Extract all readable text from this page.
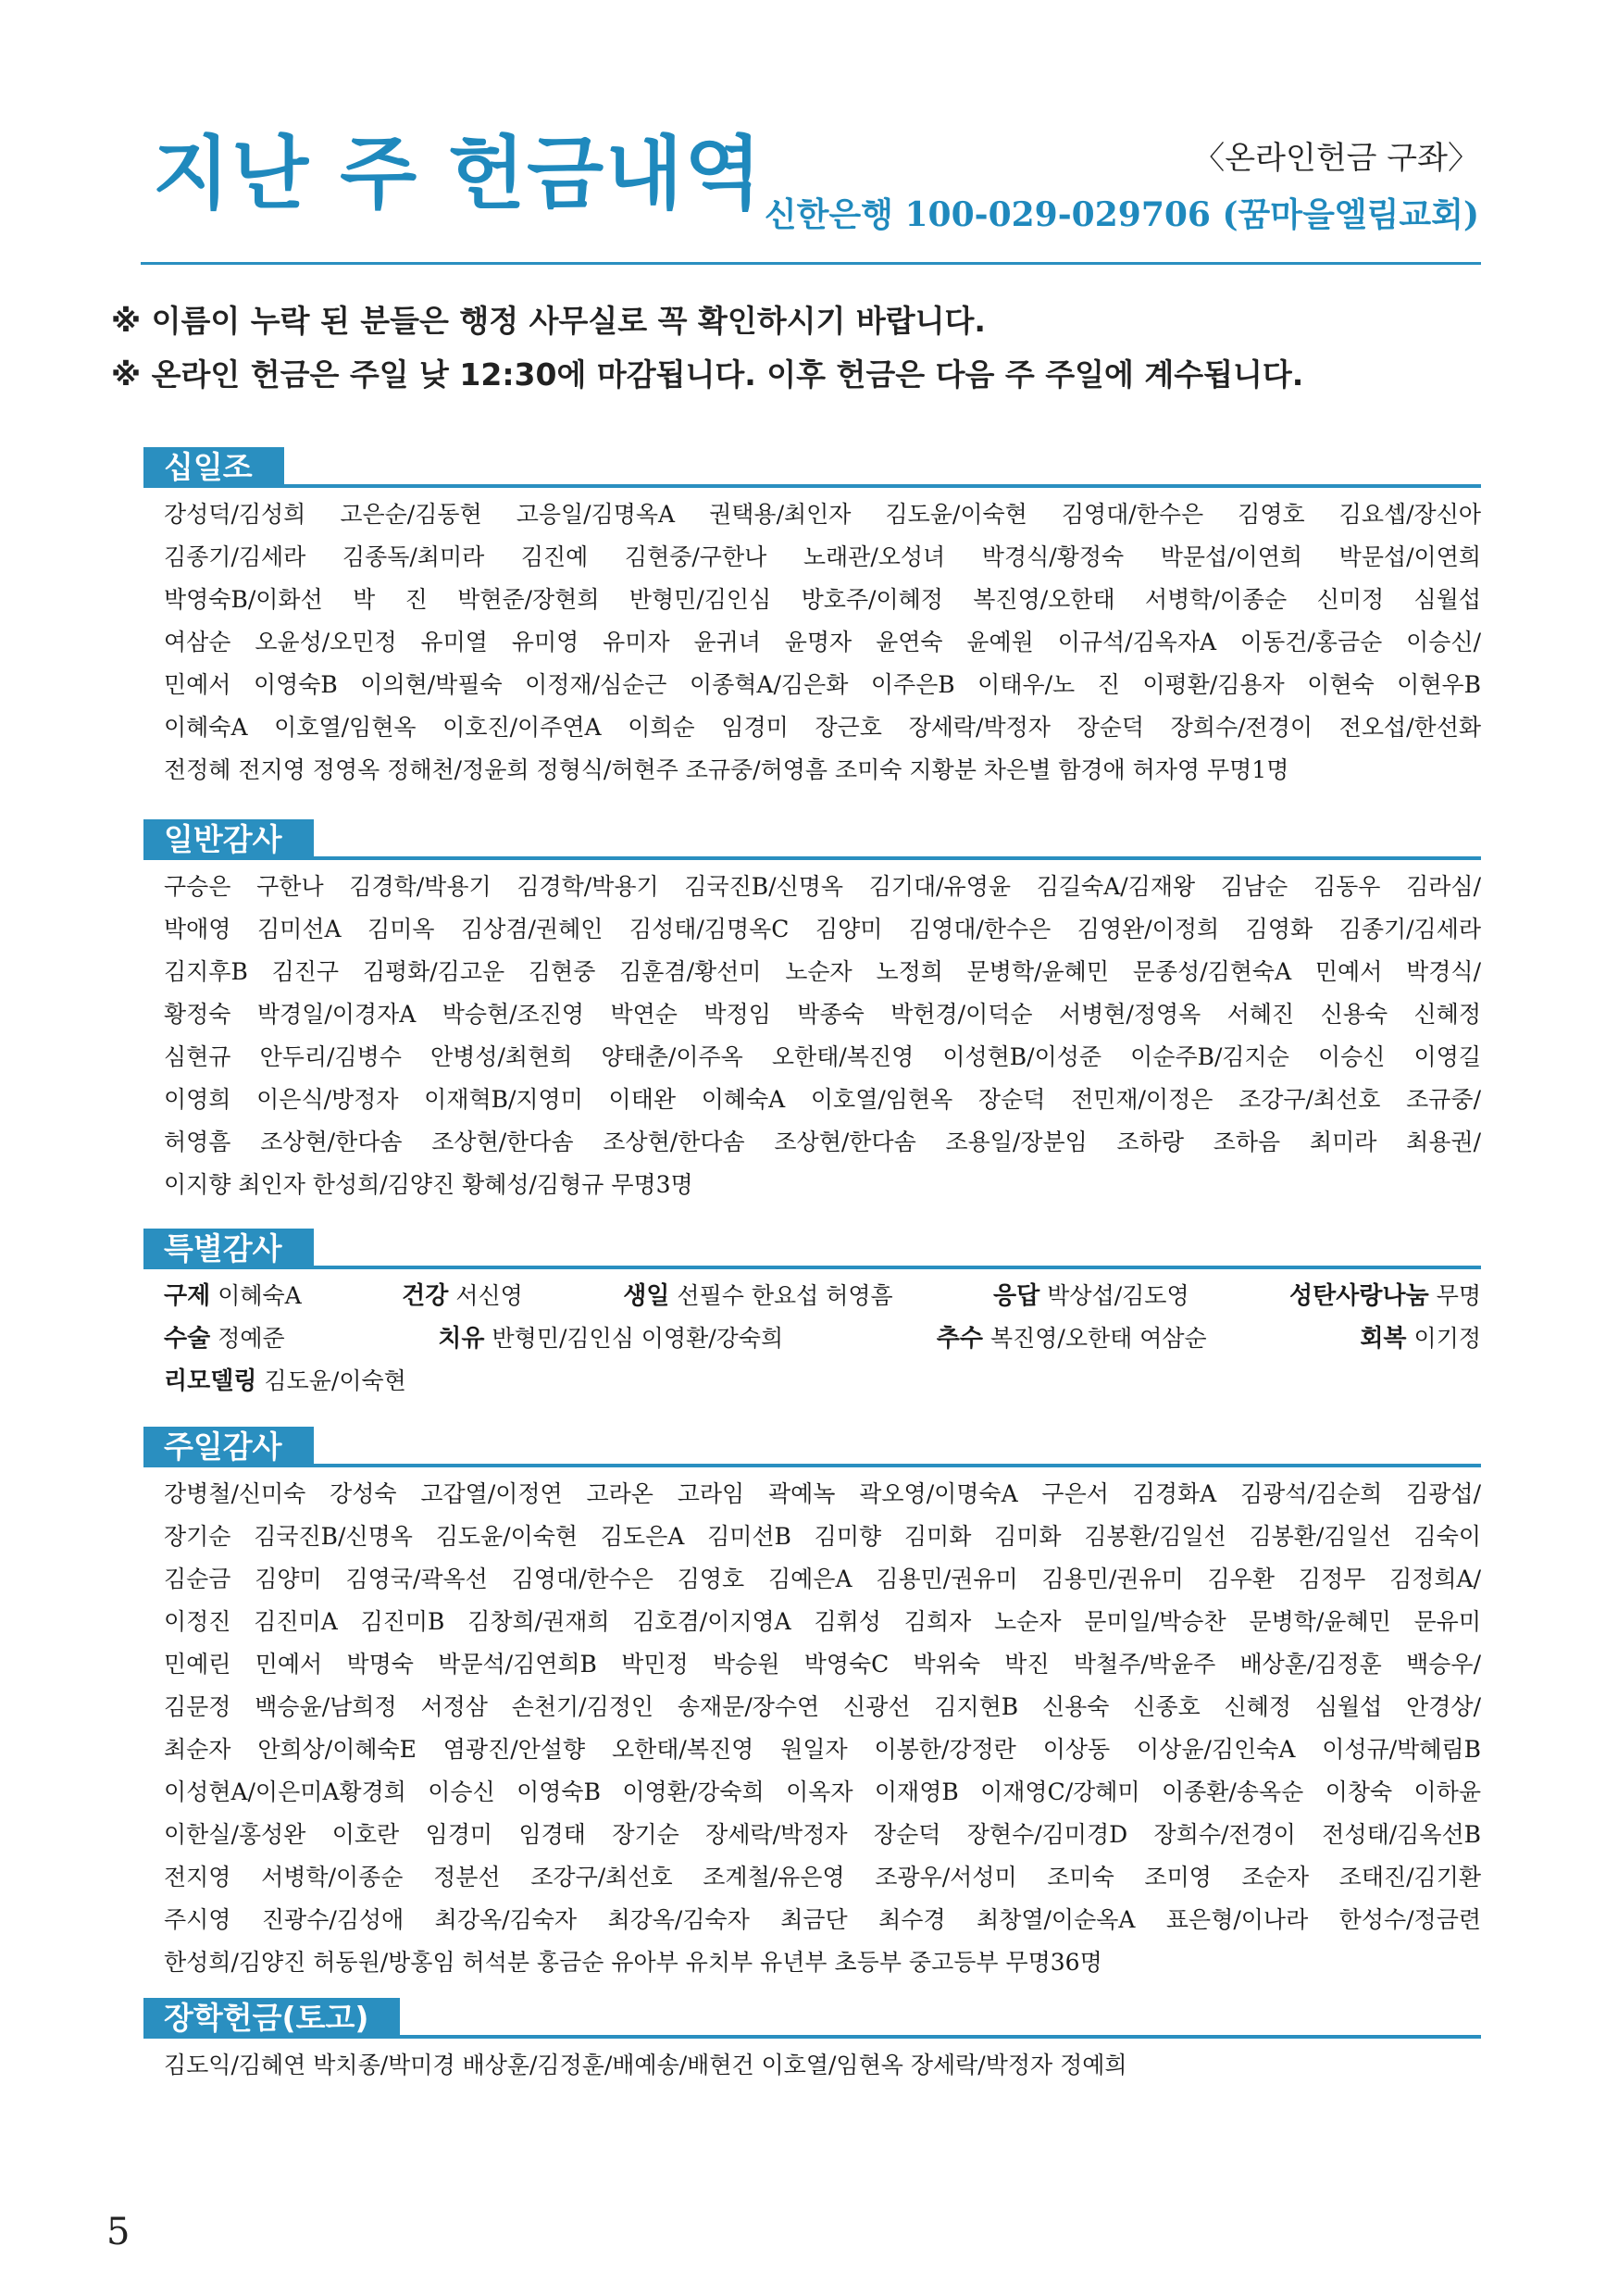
지난 주 헌금내역	〈온라인헌금 구좌〉
신한은행 100-029-029706 (꿈마을엘림교회)
※ 이름이 누락 된 분들은 행정 사무실로 꼭 확인하시기 바랍니다.
※ 온라인 헌금은 주일 낮 12:30에 마감됩니다. 이후 헌금은 다음 주 주일에 계수됩니다.
십일조
강성덕/김성희 고은순/김동현 고응일/김명옥A 권택용/최인자 김도윤/이숙현 김영대/한수은 김영호 김요셉/장신아
김종기/김세라 김종독/최미라 김진예 김현중/구한나 노래관/오성녀 박경식/황정숙 박문섭/이연희 박문섭/이연희
박영숙B/이화선 박 진 박현준/장현희 반형민/김인심 방호주/이혜정 복진영/오한태 서병학/이종순 신미정 심월섭
여삼순 오윤성/오민정 유미열 유미영 유미자 윤귀녀 윤명자 윤연숙 윤예원 이규석/김옥자A 이동건/홍금순 이승신/
민예서 이영숙B 이의현/박필숙 이정재/심순근 이종혁A/김은화 이주은B 이태우/노 진 이평환/김용자 이현숙 이현우B
이혜숙A 이호열/임현옥 이호진/이주연A 이희순 임경미 장근호 장세락/박정자 장순덕 장희수/전경이 전오섭/한선화
전정혜 전지영 정영옥 정해천/정윤희 정형식/허현주 조규중/허영흠 조미숙 지황분 차은별 함경애 허자영 무명1명
일반감사
구승은 구한나 김경학/박용기 김경학/박용기 김국진B/신명옥 김기대/유영윤 김길숙A/김재왕 김남순 김동우 김라심/
박애영 김미선A 김미옥 김상겸/권혜인 김성태/김명옥C 김양미 김영대/한수은 김영완/이정희 김영화 김종기/김세라
김지후B 김진구 김평화/김고운 김현중 김훈겸/황선미 노순자 노정희 문병학/윤혜민 문종성/김현숙A 민예서 박경식/
황정숙 박경일/이경자A 박승현/조진영 박연순 박정임 박종숙 박헌경/이덕순 서병현/정영옥 서혜진 신용숙 신혜정
심현규 안두리/김병수 안병성/최현희 양태춘/이주옥 오한태/복진영 이성현B/이성준 이순주B/김지순 이승신 이영길
이영희 이은식/방정자 이재혁B/지영미 이태완 이혜숙A 이호열/임현옥 장순덕 전민재/이정은 조강구/최선호 조규중/
허영흠 조상현/한다솜 조상현/한다솜 조상현/한다솜 조상현/한다솜 조용일/장분임 조하랑 조하음 최미라 최용권/
이지향 최인자 한성희/김양진 황혜성/김형규 무명3명
특별감사
구제 이혜숙A	건강 서신영	생일 선필수 한요섭 허영흠	응답 박상섭/김도영	성탄사랑나눔 무명
수술 정예준	치유 반형민/김인심 이영환/강숙희	추수 복진영/오한태 여삼순	회복 이기정
리모델링 김도윤/이숙현
주일감사
강병철/신미숙 강성숙 고갑열/이정연 고라온 고라임 곽예녹 곽오영/이명숙A 구은서 김경화A 김광석/김순희 김광섭/
장기순 김국진B/신명옥 김도윤/이숙현 김도은A 김미선B 김미향 김미화 김미화 김봉환/김일선 김봉환/김일선 김숙이
김순금 김양미 김영국/곽옥선 김영대/한수은 김영호 김예은A 김용민/권유미 김용민/권유미 김우환 김정무 김정희A/
이정진 김진미A 김진미B 김창희/권재희 김호겸/이지영A 김휘성 김희자 노순자 문미일/박승찬 문병학/윤혜민 문유미
민예린 민예서 박명숙 박문석/김연희B 박민정 박승원 박영숙C 박위숙 박진 박철주/박윤주 배상훈/김정훈 백승우/
김문정 백승윤/남희정 서정삼 손천기/김정인 송재문/장수연 신광선 김지현B 신용숙 신종호 신혜정 심월섭 안경상/
최순자 안희상/이혜숙E 염광진/안설향 오한태/복진영 원일자 이봉한/강정란 이상동 이상윤/김인숙A 이성규/박혜림B
이성현A/이은미A황경희 이승신 이영숙B 이영환/강숙희 이옥자 이재영B 이재영C/강혜미 이종환/송옥순 이창숙 이하윤
이한실/홍성완 이호란 임경미 임경태 장기순 장세락/박정자 장순덕 장현수/김미경D 장희수/전경이 전성태/김옥선B
전지영 서병학/이종순 정분선 조강구/최선호 조계철/유은영 조광우/서성미 조미숙 조미영 조순자 조태진/김기환
주시영 진광수/김성애 최강옥/김숙자 최강옥/김숙자 최금단 최수경 최창열/이순옥A 표은형/이나라 한성수/정금련
한성희/김양진 허동원/방홍임 허석분 홍금순 유아부 유치부 유년부 초등부 중고등부 무명36명
장학헌금(토고)
김도익/김혜연 박치종/박미경 배상훈/김정훈/배예송/배현건 이호열/임현옥 장세락/박정자 정예희
5
